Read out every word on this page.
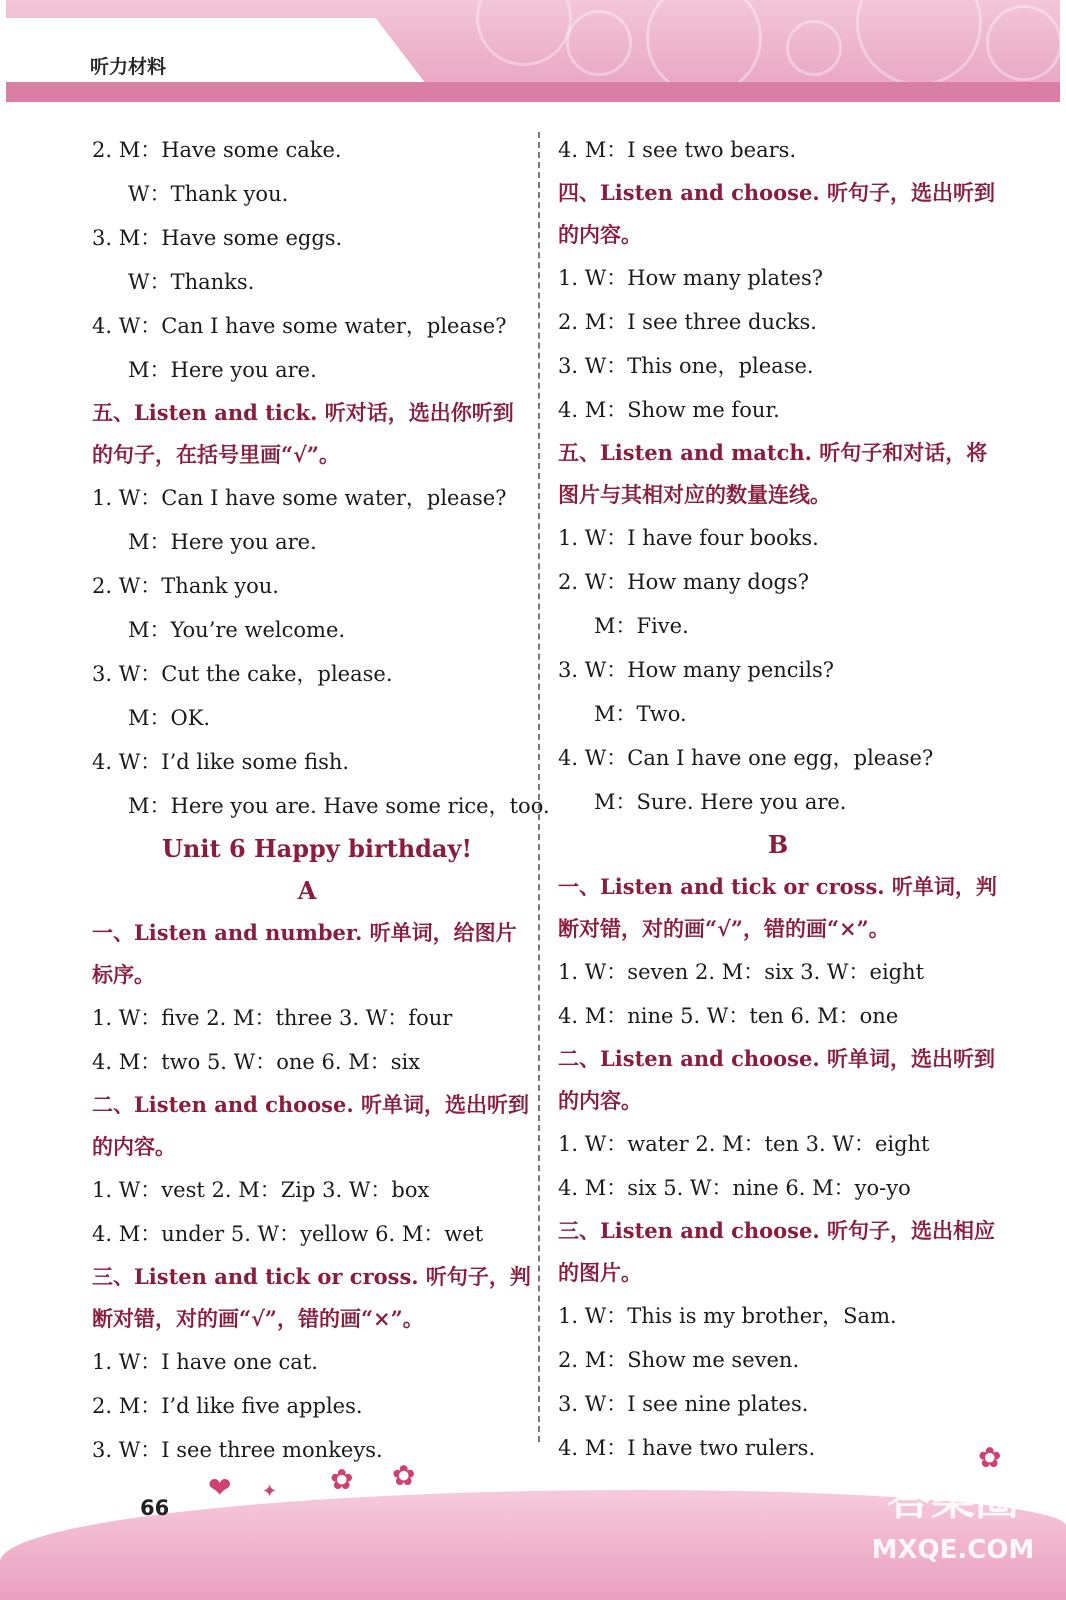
听力材料
2. M：Have some cake.
W：Thank you.
3. M：Have some eggs.
W：Thanks.
4. W：Can I have some water，please?
M：Here you are.
五、Listen and tick. 听对话，选出你听到
的句子，在括号里画“√”。
1. W：Can I have some water，please?
M：Here you are.
2. W：Thank you.
M：You’re welcome.
3. W：Cut the cake，please.
M：OK.
4. W：I’d like some fish.
M：Here you are. Have some rice，too.
Unit 6 Happy birthday!
A
一、Listen and number. 听单词，给图片
标序。
1. W：five 2. M：three 3. W：four
4. M：two 5. W：one 6. M：six
二、Listen and choose. 听单词，选出听到
的内容。
1. W：vest 2. M：Zip 3. W：box
4. M：under 5. W：yellow 6. M：wet
三、Listen and tick or cross. 听句子，判
断对错，对的画“√”，错的画“×”。
1. W：I have one cat.
2. M：I’d like five apples.
3. W：I see three monkeys.
4. M：I see two bears.
四、Listen and choose. 听句子，选出听到
的内容。
1. W：How many plates?
2. M：I see three ducks.
3. W：This one，please.
4. M：Show me four.
五、Listen and match. 听句子和对话，将
图片与其相对应的数量连线。
1. W：I have four books.
2. W：How many dogs?
M：Five.
3. W：How many pencils?
M：Two.
4. W：Can I have one egg，please?
M：Sure. Here you are.
B
一、Listen and tick or cross. 听单词，判
断对错，对的画“√”，错的画“×”。
1. W：seven 2. M：six 3. W：eight
4. M：nine 5. W：ten 6. M：one
二、Listen and choose. 听单词，选出听到
的内容。
1. W：water 2. M：ten 3. W：eight
4. M：six 5. W：nine 6. M：yo-yo
三、Listen and choose. 听句子，选出相应
的图片。
1. W：This is my brother，Sam.
2. M：Show me seven.
3. W：I see nine plates.
4. M：I have two rulers.
❤ ✦ ✿ ✿
✿
66	答案圈
MXQE.COM
